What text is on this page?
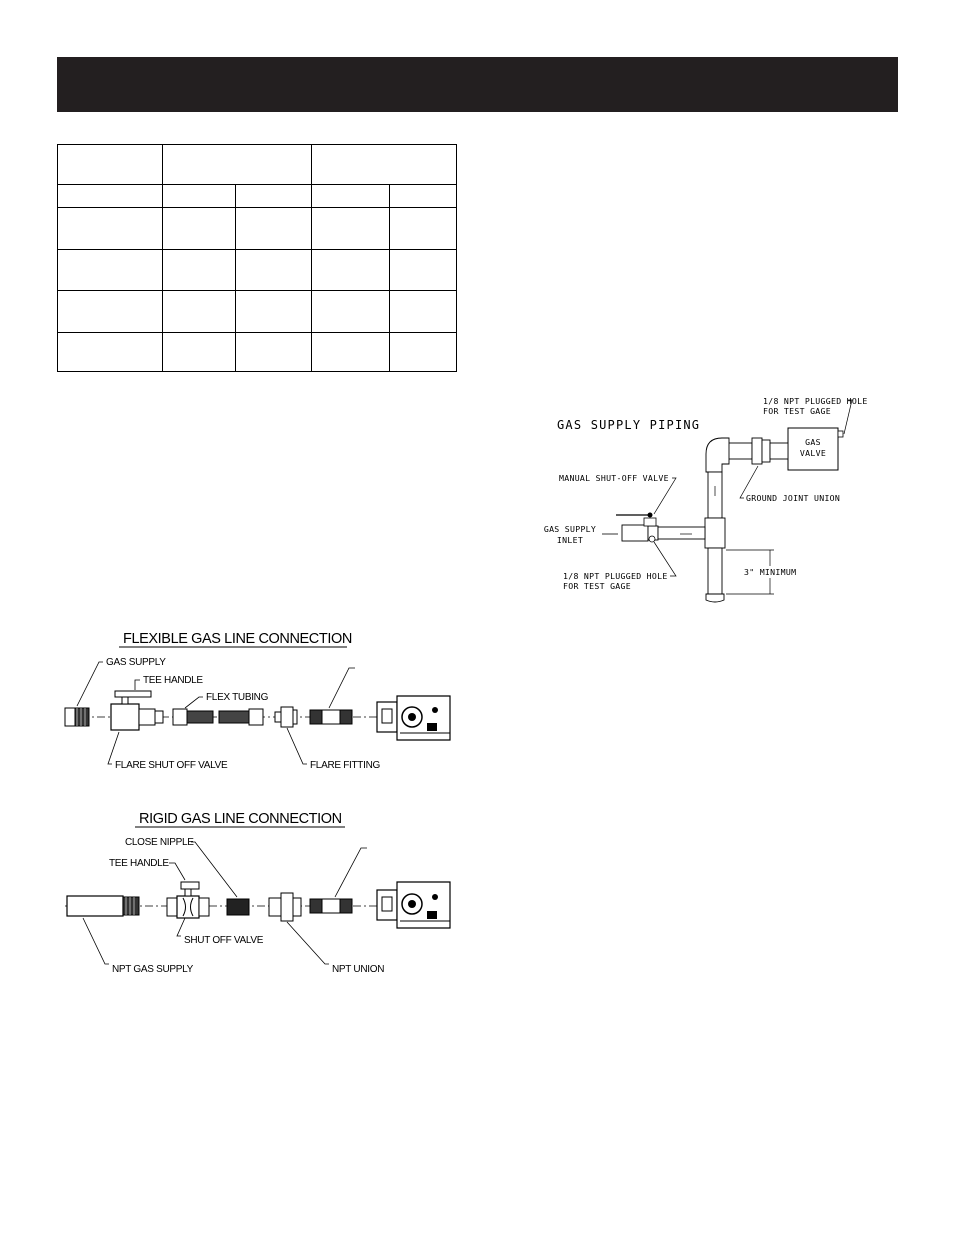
FLEXIBLE GAS LINE CONNECTION
GAS SUPPLY
TEE HANDLE
FLEX TUBING
FLARE SHUT OFF VALVE	FLARE FITTING
RIGID GAS LINE CONNECTION
CLOSE NIPPLE
TEE HANDLE
SHUT OFF VALVE
NPT GAS SUPPLY	NPT UNION
GAS SUPPLY PIPING
1/8 NPT PLUGGED HOLE
FOR TEST GAGE
GAS
VALVE
MANUAL SHUT-OFF VALVE
GROUND JOINT UNION
GAS SUPPLY
INLET
1/8 NPT PLUGGED HOLE
FOR TEST GAGE
3" MINIMUM
